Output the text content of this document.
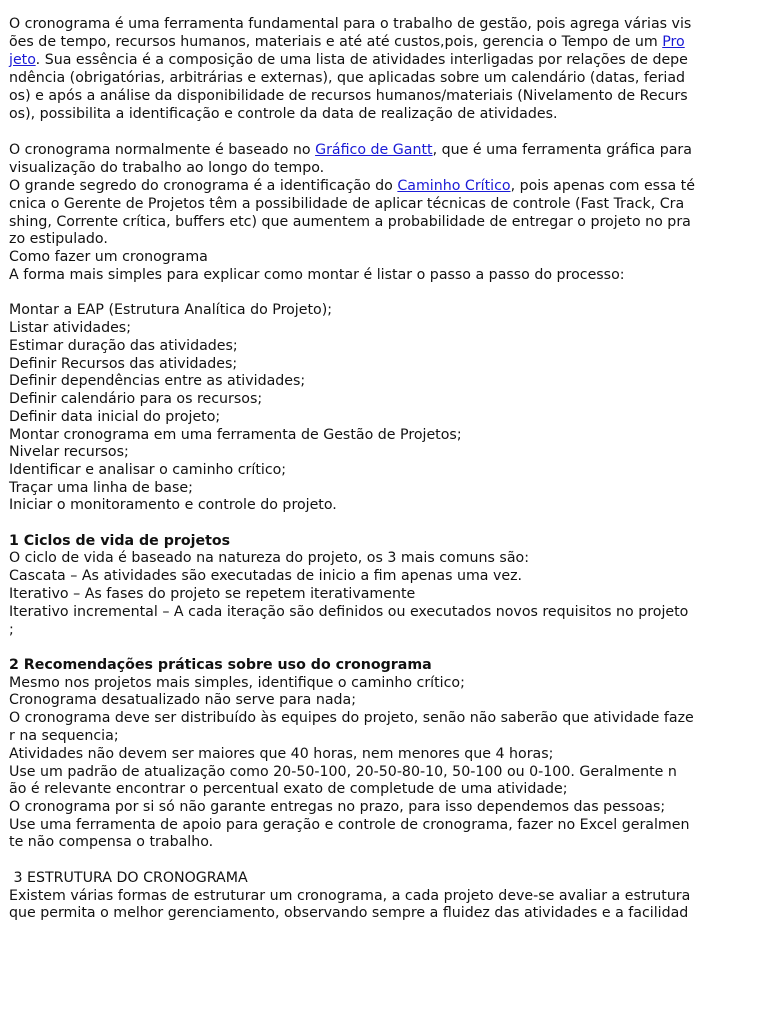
O cronograma é uma ferramenta fundamental para o trabalho de gestão, pois agrega várias vis
ões de tempo, recursos humanos, materiais e até até custos,pois, gerencia o Tempo de um Pro
jeto. Sua essência é a composição de uma lista de atividades interligadas por relações de depe
ndência (obrigatórias, arbitrárias e externas), que aplicadas sobre um calendário (datas, feriad
os) e após a análise da disponibilidade de recursos humanos/materiais (Nivelamento de Recurs
os), possibilita a identificação e controle da data de realização de atividades.
O cronograma normalmente é baseado no Gráfico de Gantt, que é uma ferramenta gráfica para
visualização do trabalho ao longo do tempo.
O grande segredo do cronograma é a identificação do Caminho Crítico, pois apenas com essa té
cnica o Gerente de Projetos têm a possibilidade de aplicar técnicas de controle (Fast Track, Cra
shing, Corrente crítica, buffers etc) que aumentem a probabilidade de entregar o projeto no pra
zo estipulado.
Como fazer um cronograma
A forma mais simples para explicar como montar é listar o passo a passo do processo:
Montar a EAP (Estrutura Analítica do Projeto);
Listar atividades;
Estimar duração das atividades;
Definir Recursos das atividades;
Definir dependências entre as atividades;
Definir calendário para os recursos;
Definir data inicial do projeto;
Montar cronograma em uma ferramenta de Gestão de Projetos;
Nivelar recursos;
Identificar e analisar o caminho crítico;
Traçar uma linha de base;
Iniciar o monitoramento e controle do projeto.
1 Ciclos de vida de projetos
O ciclo de vida é baseado na natureza do projeto, os 3 mais comuns são:
Cascata – As atividades são executadas de inicio a fim apenas uma vez.
Iterativo – As fases do projeto se repetem iterativamente
Iterativo incremental – A cada iteração são definidos ou executados novos requisitos no projeto
;
2 Recomendações práticas sobre uso do cronograma
Mesmo nos projetos mais simples, identifique o caminho crítico;
Cronograma desatualizado não serve para nada;
O cronograma deve ser distribuído às equipes do projeto, senão não saberão que atividade faze
r na sequencia;
Atividades não devem ser maiores que 40 horas, nem menores que 4 horas;
Use um padrão de atualização como 20-50-100, 20-50-80-10, 50-100 ou 0-100. Geralmente n
ão é relevante encontrar o percentual exato de completude de uma atividade;
O cronograma por si só não garante entregas no prazo, para isso dependemos das pessoas;
Use uma ferramenta de apoio para geração e controle de cronograma, fazer no Excel geralmen
te não compensa o trabalho.
3 ESTRUTURA DO CRONOGRAMA
Existem várias formas de estruturar um cronograma, a cada projeto deve-se avaliar a estrutura
que permita o melhor gerenciamento, observando sempre a fluidez das atividades e a facilidad
